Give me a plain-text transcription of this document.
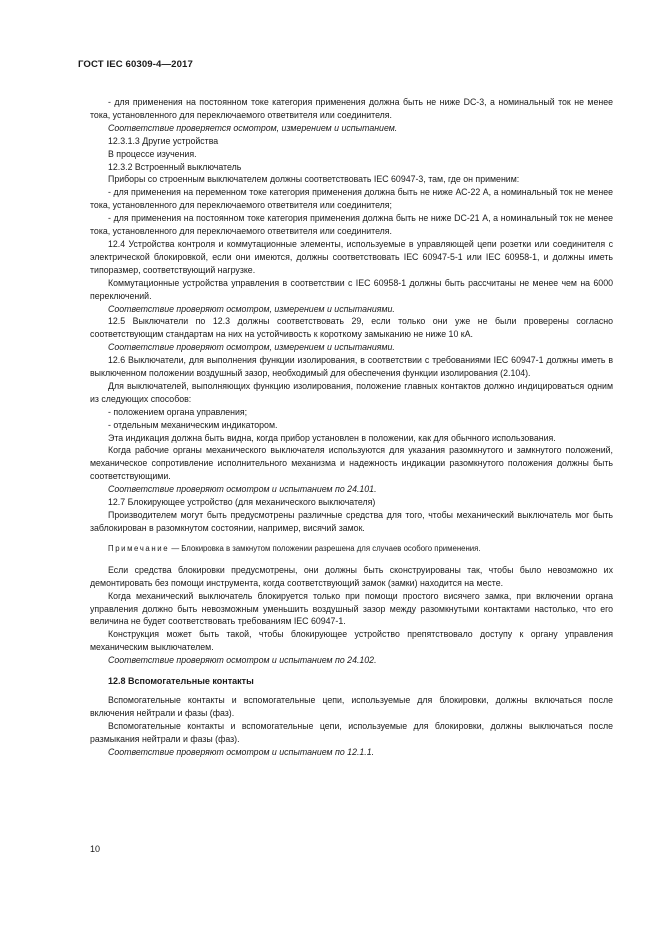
ГОСТ IEC 60309-4—2017

- для применения на постоянном токе категория применения должна быть не ниже DC-3, а номинальный ток не менее тока, установленного для переключаемого ответвителя или соединителя.

Соответствие проверяется осмотром, измерением и испытанием.

12.3.1.3 Другие устройства

В процессе изучения.

12.3.2 Встроенный выключатель

Приборы со строенным выключателем должны соответствовать IEC 60947-3, там, где он применим:

- для применения на переменном токе категория применения должна быть не ниже АС-22 А, а номинальный ток не менее тока, установленного для переключаемого ответвителя или соединителя;

- для применения на постоянном токе категория применения должна быть не ниже DC-21 А, а номинальный ток не менее тока, установленного для переключаемого ответвителя или соединителя.

12.4 Устройства контроля и коммутационные элементы, используемые в управляющей цепи розетки или соединителя с электрической блокировкой, если они имеются, должны соответствовать IEC 60947-5-1 или IEC 60958-1, и должны иметь типоразмер, соответствующий нагрузке.

Коммутационные устройства управления в соответствии с IEC 60958-1 должны быть рассчитаны не менее чем на 6000 переключений.

Соответствие проверяют осмотром, измерением и испытаниями.

12.5 Выключатели по 12.3 должны соответствовать 29, если только они уже не были проверены согласно соответствующим стандартам на них на устойчивость к короткому замыканию не ниже 10 кА.

Соответствие проверяют осмотром, измерением и испытаниями.

12.6 Выключатели, для выполнения функции изолирования, в соответствии с требованиями IEC 60947-1 должны иметь в выключенном положении воздушный зазор, необходимый для обеспечения функции изолирования (2.104).

Для выключателей, выполняющих функцию изолирования, положение главных контактов должно индицироваться одним из следующих способов:

- положением органа управления;

- отдельным механическим индикатором.

Эта индикация должна быть видна, когда прибор установлен в положении, как для обычного использования.

Когда рабочие органы механического выключателя используются для указания разомкнутого и замкнутого положений, механическое сопротивление исполнительного механизма и надежность индикации разомкнутого положения должны быть соответствующими.

Соответствие проверяют осмотром и испытанием по 24.101.

12.7 Блокирующее устройство (для механического выключателя)

Производителем могут быть предусмотрены различные средства для того, чтобы механический выключатель мог быть заблокирован в разомкнутом состоянии, например, висячий замок.

Примечание — Блокировка в замкнутом положении разрешена для случаев особого применения.

Если средства блокировки предусмотрены, они должны быть сконструированы так, чтобы было невозможно их демонтировать без помощи инструмента, когда соответствующий замок (замки) находится на месте.

Когда механический выключатель блокируется только при помощи простого висячего замка, при включении органа управления должно быть невозможным уменьшить воздушный зазор между разомкнутыми контактами настолько, что его величина не будет соответствовать требованиям IEC 60947-1.

Конструкция может быть такой, чтобы блокирующее устройство препятствовало доступу к органу управления механическим выключателем.

Соответствие проверяют осмотром и испытанием по 24.102.

12.8 Вспомогательные контакты

Вспомогательные контакты и вспомогательные цепи, используемые для блокировки, должны включаться после включения нейтрали и фазы (фаз).

Вспомогательные контакты и вспомогательные цепи, используемые для блокировки, должны выключаться после размыкания нейтрали и фазы (фаз).

Соответствие проверяют осмотром и испытанием по 12.1.1.

10
